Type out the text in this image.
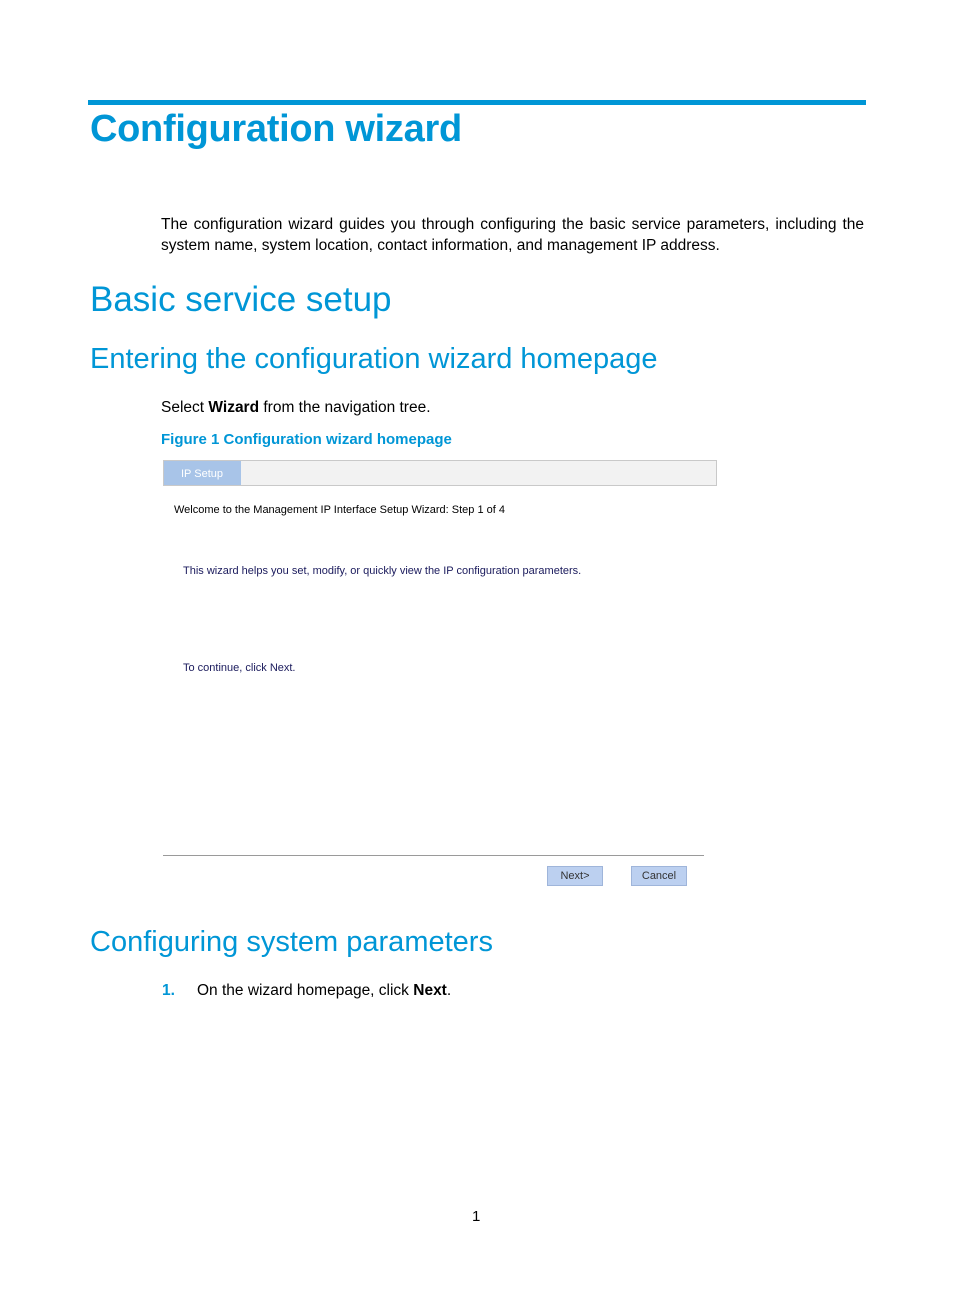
Configuration wizard

The configuration wizard guides you through configuring the basic service parameters, including the system name, system location, contact information, and management IP address.

Basic service setup
Entering the configuration wizard homepage

Select Wizard from the navigation tree.

Figure 1 Configuration wizard homepage

IP Setup
Welcome to the Management IP Interface Setup Wizard: Step 1 of 4
This wizard helps you set, modify, or quickly view the IP configuration parameters.
To continue, click Next.
Next>	Cancel
Configuring system parameters

1. On the wizard homepage, click Next.

1
